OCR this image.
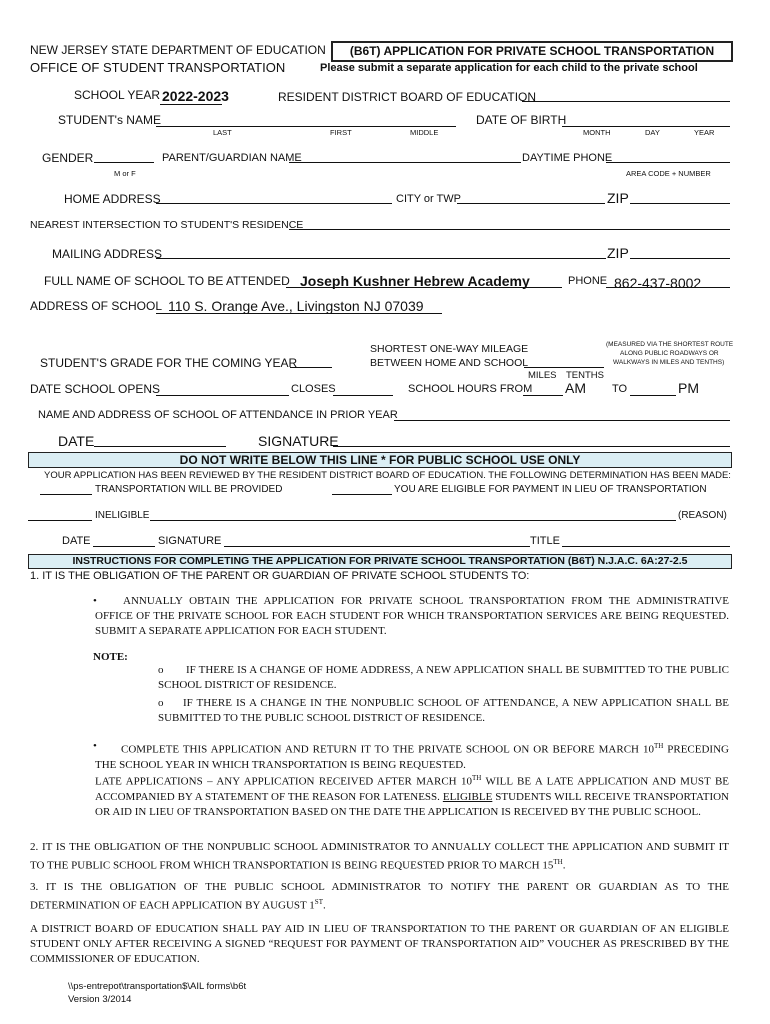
NEW JERSEY STATE DEPARTMENT OF EDUCATION
OFFICE OF STUDENT TRANSPORTATION
(B6T) APPLICATION FOR PRIVATE SCHOOL TRANSPORTATION
Please submit a separate application for each child to the private school
SCHOOL YEAR 2022-2023	RESIDENT DISTRICT BOARD OF EDUCATION
STUDENT's NAME
LAST	FIRST	MIDDLE
DATE OF BIRTH
MONTH	DAY	YEAR
GENDER
M or F
PARENT/GUARDIAN NAME	DAYTIME PHONE
AREA CODE + NUMBER
HOME ADDRESS	CITY or TWP	ZIP
NEAREST INTERSECTION TO STUDENT'S RESIDENCE
MAILING ADDRESS	ZIP
FULL NAME OF SCHOOL TO BE ATTENDED Joseph Kushner Hebrew Academy	PHONE 862-437-8002
ADDRESS OF SCHOOL 110 S. Orange Ave., Livingston NJ 07039
SHORTEST ONE-WAY MILEAGE
BETWEEN HOME AND SCHOOL
(MEASURED VIA THE SHORTEST ROUTE
ALONG PUBLIC ROADWAYS OR
WALKWAYS IN MILES AND TENTHS)
STUDENT'S GRADE FOR THE COMING YEAR
MILES TENTHS
DATE SCHOOL OPENS	CLOSES	SCHOOL HOURS FROM AM TO	PM
NAME AND ADDRESS OF SCHOOL OF ATTENDANCE IN PRIOR YEAR
DATE	SIGNATURE
DO NOT WRITE BELOW THIS LINE * FOR PUBLIC SCHOOL USE ONLY
YOUR APPLICATION HAS BEEN REVIEWED BY THE RESIDENT DISTRICT BOARD OF EDUCATION. THE FOLLOWING DETERMINATION HAS BEEN MADE:
TRANSPORTATION WILL BE PROVIDED	YOU ARE ELIGIBLE FOR PAYMENT IN LIEU OF TRANSPORTATION
INELIGIBLE	(REASON)
DATE	SIGNATURE	TITLE
INSTRUCTIONS FOR COMPLETING THE APPLICATION FOR PRIVATE SCHOOL TRANSPORTATION (B6T) N.J.A.C. 6A:27-2.5
1. IT IS THE OBLIGATION OF THE PARENT OR GUARDIAN OF PRIVATE SCHOOL STUDENTS TO:
•	ANNUALLY OBTAIN THE APPLICATION FOR PRIVATE SCHOOL TRANSPORTATION FROM THE ADMINISTRATIVE OFFICE OF THE PRIVATE SCHOOL FOR EACH STUDENT FOR WHICH TRANSPORTATION SERVICES ARE BEING REQUESTED. SUBMIT A SEPARATE APPLICATION FOR EACH STUDENT.
NOTE:
o	IF THERE IS A CHANGE OF HOME ADDRESS, A NEW APPLICATION SHALL BE SUBMITTED TO THE PUBLIC SCHOOL DISTRICT OF RESIDENCE.
o	IF THERE IS A CHANGE IN THE NONPUBLIC SCHOOL OF ATTENDANCE, A NEW APPLICATION SHALL BE SUBMITTED TO THE PUBLIC SCHOOL DISTRICT OF RESIDENCE.
•	COMPLETE THIS APPLICATION AND RETURN IT TO THE PRIVATE SCHOOL ON OR BEFORE MARCH 10TH PRECEDING THE SCHOOL YEAR IN WHICH TRANSPORTATION IS BEING REQUESTED.
LATE APPLICATIONS – ANY APPLICATION RECEIVED AFTER MARCH 10TH WILL BE A LATE APPLICATION AND MUST BE ACCOMPANIED BY A STATEMENT OF THE REASON FOR LATENESS. ELIGIBLE STUDENTS WILL RECEIVE TRANSPORTATION OR AID IN LIEU OF TRANSPORTATION BASED ON THE DATE THE APPLICATION IS RECEIVED BY THE PUBLIC SCHOOL.
2. IT IS THE OBLIGATION OF THE NONPUBLIC SCHOOL ADMINISTRATOR TO ANNUALLY COLLECT THE APPLICATION AND SUBMIT IT TO THE PUBLIC SCHOOL FROM WHICH TRANSPORTATION IS BEING REQUESTED PRIOR TO MARCH 15TH.
3. IT IS THE OBLIGATION OF THE PUBLIC SCHOOL ADMINISTRATOR TO NOTIFY THE PARENT OR GUARDIAN AS TO THE DETERMINATION OF EACH APPLICATION BY AUGUST 1ST.
A DISTRICT BOARD OF EDUCATION SHALL PAY AID IN LIEU OF TRANSPORTATION TO THE PARENT OR GUARDIAN OF AN ELIGIBLE STUDENT ONLY AFTER RECEIVING A SIGNED “REQUEST FOR PAYMENT OF TRANSPORTATION AID” VOUCHER AS PRESCRIBED BY THE COMMISSIONER OF EDUCATION.
\\ps-entrepot\transportation$\AIL forms\b6t
Version 3/2014
